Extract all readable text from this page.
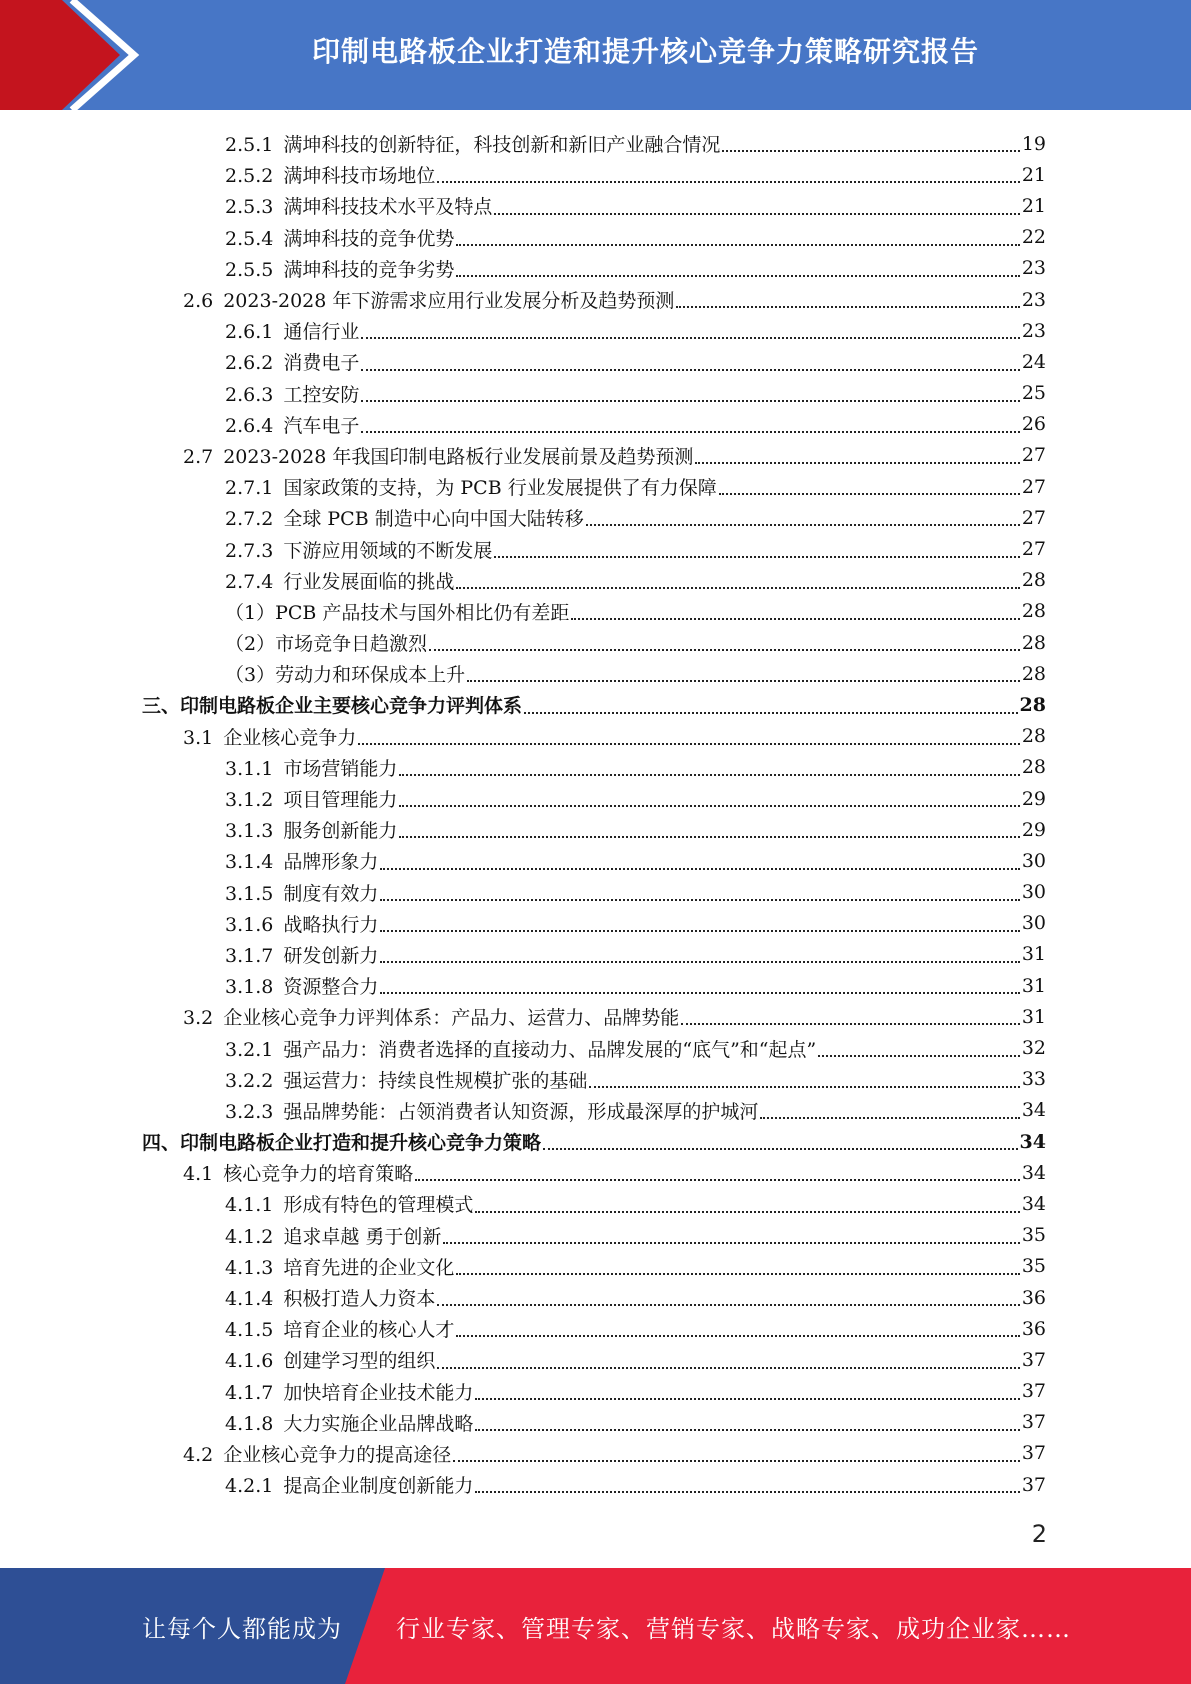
印制电路板企业打造和提升核心竞争力策略研究报告
2.5.1 满坤科技的创新特征，科技创新和新旧产业融合情况	19
2.5.2 满坤科技市场地位	21
2.5.3 满坤科技技术水平及特点	21
2.5.4 满坤科技的竞争优势	22
2.5.5 满坤科技的竞争劣势	23
2.6 2023-2028 年下游需求应用行业发展分析及趋势预测	23
2.6.1 通信行业	23
2.6.2 消费电子	24
2.6.3 工控安防	25
2.6.4 汽车电子	26
2.7 2023-2028 年我国印制电路板行业发展前景及趋势预测	27
2.7.1 国家政策的支持，为 PCB 行业发展提供了有力保障	27
2.7.2 全球 PCB 制造中心向中国大陆转移	27
2.7.3 下游应用领域的不断发展	27
2.7.4 行业发展面临的挑战	28
（1）PCB 产品技术与国外相比仍有差距	28
（2）市场竞争日趋激烈	28
（3）劳动力和环保成本上升	28
三、印制电路板企业主要核心竞争力评判体系	28
3.1 企业核心竞争力	28
3.1.1 市场营销能力	28
3.1.2 项目管理能力	29
3.1.3 服务创新能力	29
3.1.4 品牌形象力	30
3.1.5 制度有效力	30
3.1.6 战略执行力	30
3.1.7 研发创新力	31
3.1.8 资源整合力	31
3.2 企业核心竞争力评判体系：产品力、运营力、品牌势能	31
3.2.1 强产品力：消费者选择的直接动力、品牌发展的“底气”和“起点”	32
3.2.2 强运营力：持续良性规模扩张的基础	33
3.2.3 强品牌势能：占领消费者认知资源，形成最深厚的护城河	34
四、印制电路板企业打造和提升核心竞争力策略	34
4.1 核心竞争力的培育策略	34
4.1.1 形成有特色的管理模式	34
4.1.2 追求卓越 勇于创新	35
4.1.3 培育先进的企业文化	35
4.1.4 积极打造人力资本	36
4.1.5 培育企业的核心人才	36
4.1.6 创建学习型的组织	37
4.1.7 加快培育企业技术能力	37
4.1.8 大力实施企业品牌战略	37
4.2 企业核心竞争力的提高途径	37
4.2.1 提高企业制度创新能力	37
2
让每个人都能成为 行业专家、管理专家、营销专家、战略专家、成功企业家……
